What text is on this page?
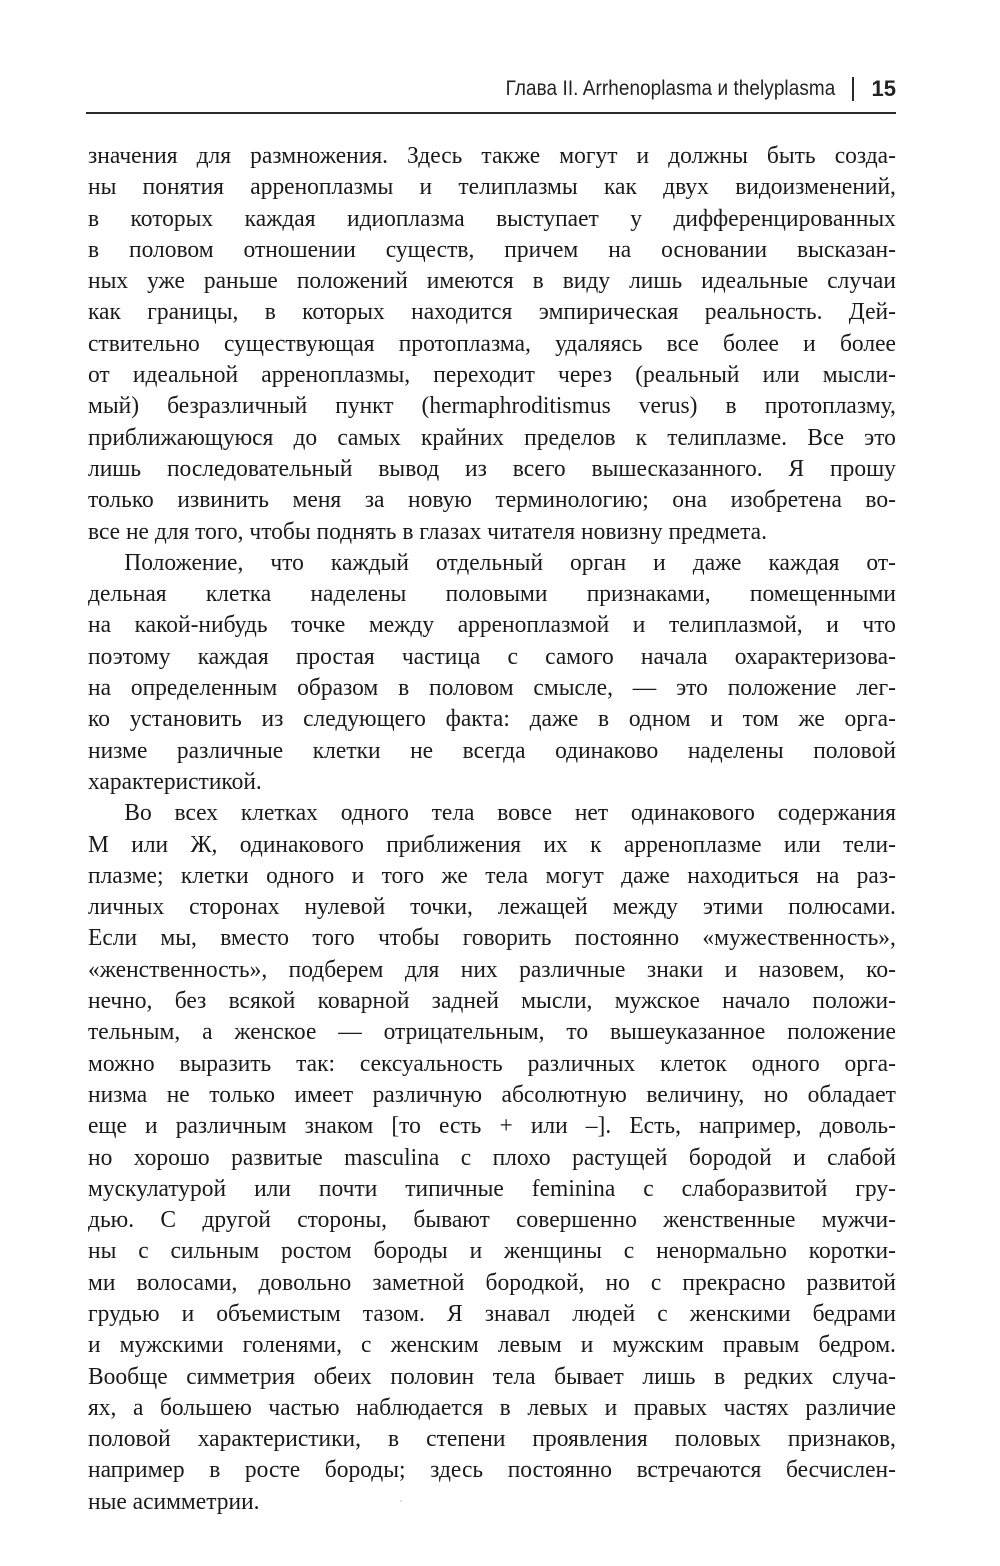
Глава II. Arrhenoplasma и thelyplasma 15
значения для размножения. Здесь также могут и должны быть созда-
ны понятия арреноплазмы и телиплазмы как двух видоизменений,
в которых каждая идиоплазма выступает у дифференцированных
в половом отношении существ, причем на основании высказан-
ных уже раньше положений имеются в виду лишь идеальные случаи
как границы, в которых находится эмпирическая реальность. Дей-
ствительно существующая протоплазма, удаляясь все более и более
от идеальной арреноплазмы, переходит через (реальный или мысли-
мый) безразличный пункт (hermaphroditismus verus) в протоплазму,
приближающуюся до самых крайних пределов к телиплазме. Все это
лишь последовательный вывод из всего вышесказанного. Я прошу
только извинить меня за новую терминологию; она изобретена во-
все не для того, чтобы поднять в глазах читателя новизну предмета.
Положение, что каждый отдельный орган и даже каждая от-
дельная клетка наделены половыми признаками, помещенными
на какой-нибудь точке между арреноплазмой и телиплазмой, и что
поэтому каждая простая частица с самого начала охарактеризова-
на определенным образом в половом смысле, — это положение лег-
ко установить из следующего факта: даже в одном и том же орга-
низме различные клетки не всегда одинаково наделены половой
характеристикой.
Во всех клетках одного тела вовсе нет одинакового содержания
М или Ж, одинакового приближения их к арреноплазме или тели-
плазме; клетки одного и того же тела могут даже находиться на раз-
личных сторонах нулевой точки, лежащей между этими полюсами.
Если мы, вместо того чтобы говорить постоянно «мужественность»,
«женственность», подберем для них различные знаки и назовем, ко-
нечно, без всякой коварной задней мысли, мужское начало положи-
тельным, а женское — отрицательным, то вышеуказанное положение
можно выразить так: сексуальность различных клеток одного орга-
низма не только имеет различную абсолютную величину, но обладает
еще и различным знаком [то есть + или –]. Есть, например, доволь-
но хорошо развитые masculina с плохо растущей бородой и слабой
мускулатурой или почти типичные feminina с слаборазвитой гру-
дью. С другой стороны, бывают совершенно женственные мужчи-
ны с сильным ростом бороды и женщины с ненормально коротки-
ми волосами, довольно заметной бородкой, но с прекрасно развитой
грудью и объемистым тазом. Я знавал людей с женскими бедрами
и мужскими голенями, с женским левым и мужским правым бедром.
Вообще симметрия обеих половин тела бывает лишь в редких случа-
ях, а большею частью наблюдается в левых и правых частях различие
половой характеристики, в степени проявления половых признаков,
например в росте бороды; здесь постоянно встречаются бесчислен-
ные асимметрии.
